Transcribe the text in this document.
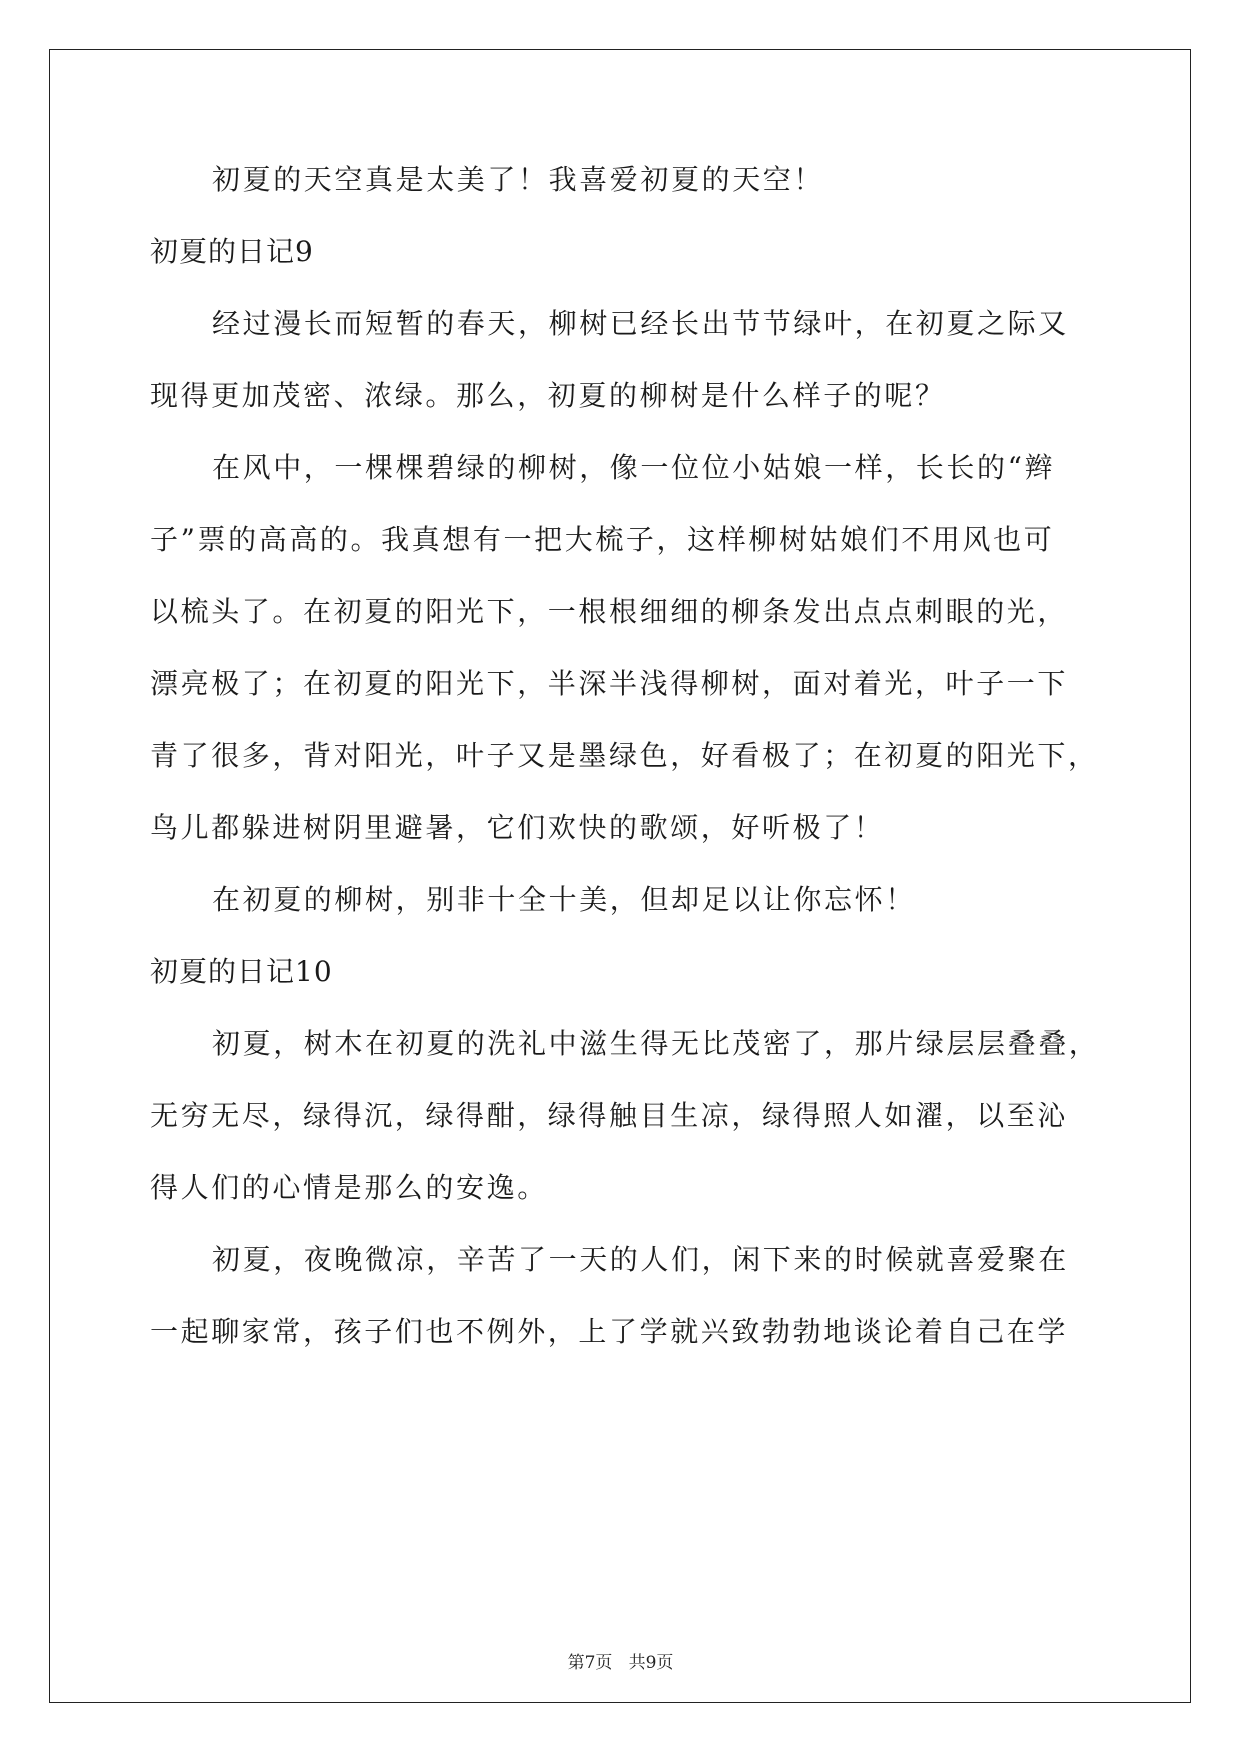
初夏的天空真是太美了！我喜爱初夏的天空！
初夏的日记9
经过漫长而短暂的春天，柳树已经长出节节绿叶，在初夏之际又
现得更加茂密、浓绿。那么，初夏的柳树是什么样子的呢？
在风中，一棵棵碧绿的柳树，像一位位小姑娘一样，长长的“辫
子”票的高高的。我真想有一把大梳子，这样柳树姑娘们不用风也可
以梳头了。在初夏的阳光下，一根根细细的柳条发出点点刺眼的光，
漂亮极了；在初夏的阳光下，半深半浅得柳树，面对着光，叶子一下
青了很多，背对阳光，叶子又是墨绿色，好看极了；在初夏的阳光下，
鸟儿都躲进树阴里避暑，它们欢快的歌颂，好听极了！
在初夏的柳树，别非十全十美，但却足以让你忘怀！
初夏的日记10
初夏，树木在初夏的洗礼中滋生得无比茂密了，那片绿层层叠叠，
无穷无尽，绿得沉，绿得酣，绿得触目生凉，绿得照人如濯，以至沁
得人们的心情是那么的安逸。
初夏，夜晚微凉，辛苦了一天的人们，闲下来的时候就喜爱聚在
一起聊家常，孩子们也不例外，上了学就兴致勃勃地谈论着自己在学
第7页   共9页
